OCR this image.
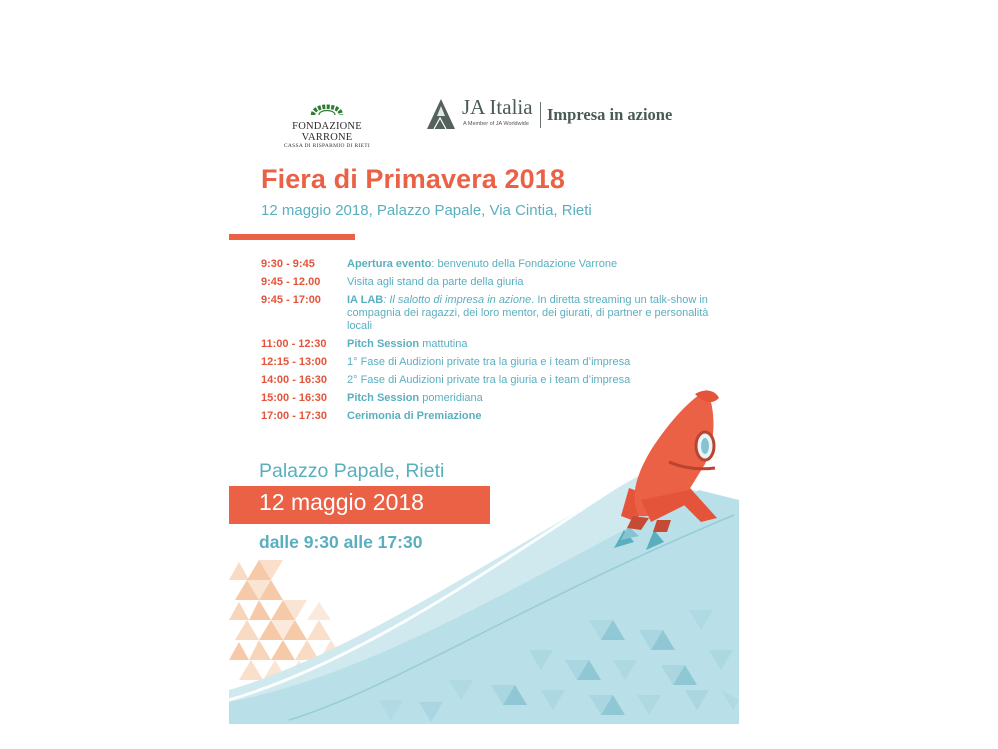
FONDAZIONE VARRONE
CASSA DI RISPARMIO DI RIETI
JA Italia
A Member of JA Worldwide Impresa in azione
Fiera di Primavera 2018
12 maggio 2018, Palazzo Papale, Via Cintia, Rieti
9:30 - 9:45	Apertura evento: benvenuto della Fondazione Varrone
9:45 - 12.00	Visita agli stand da parte della giuria
9:45 - 17:00	IA LAB: Il salotto di impresa in azione. In diretta streaming un talk-show in compagnia dei ragazzi, dei loro mentor, dei giurati, di partner e personalità locali
11:00 - 12:30	Pitch Session mattutina
12:15 - 13:00	1° Fase di Audizioni private tra la giuria e i team d’impresa
14:00 - 16:30	2° Fase di Audizioni private tra la giuria e i team d’impresa
15:00 - 16:30	Pitch Session pomeridiana
17:00 - 17:30	Cerimonia di Premiazione
Palazzo Papale, Rieti
12 maggio 2018
dalle 9:30 alle 17:30
